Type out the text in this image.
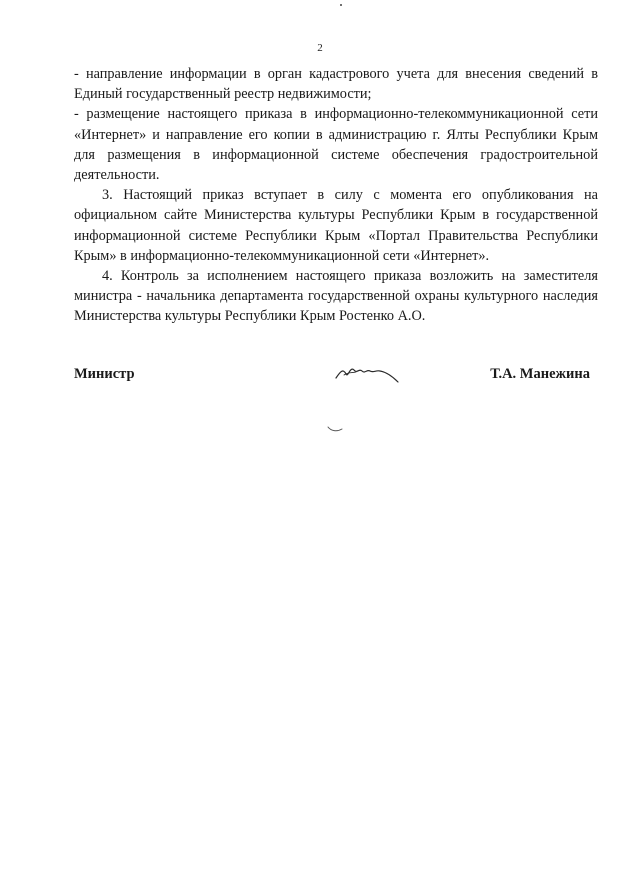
2

- направление информации в орган кадастрового учета для внесения сведений в Единый государственный реестр недвижимости;

- размещение настоящего приказа в информационно-телекоммуникационной сети «Интернет» и направление его копии в администрацию г. Ялты Республики Крым для размещения в информационной системе обеспечения градостроительной деятельности.

3. Настоящий приказ вступает в силу с момента его опубликования на официальном сайте Министерства культуры Республики Крым в государственной информационной системе Республики Крым «Портал Правительства Республики Крым» в информационно-телекоммуникационной сети «Интернет».

4. Контроль за исполнением настоящего приказа возложить на заместителя министра - начальника департамента государственной охраны культурного наследия Министерства культуры Республики Крым Ростенко А.О.

Министр	Т.А. Манежина
